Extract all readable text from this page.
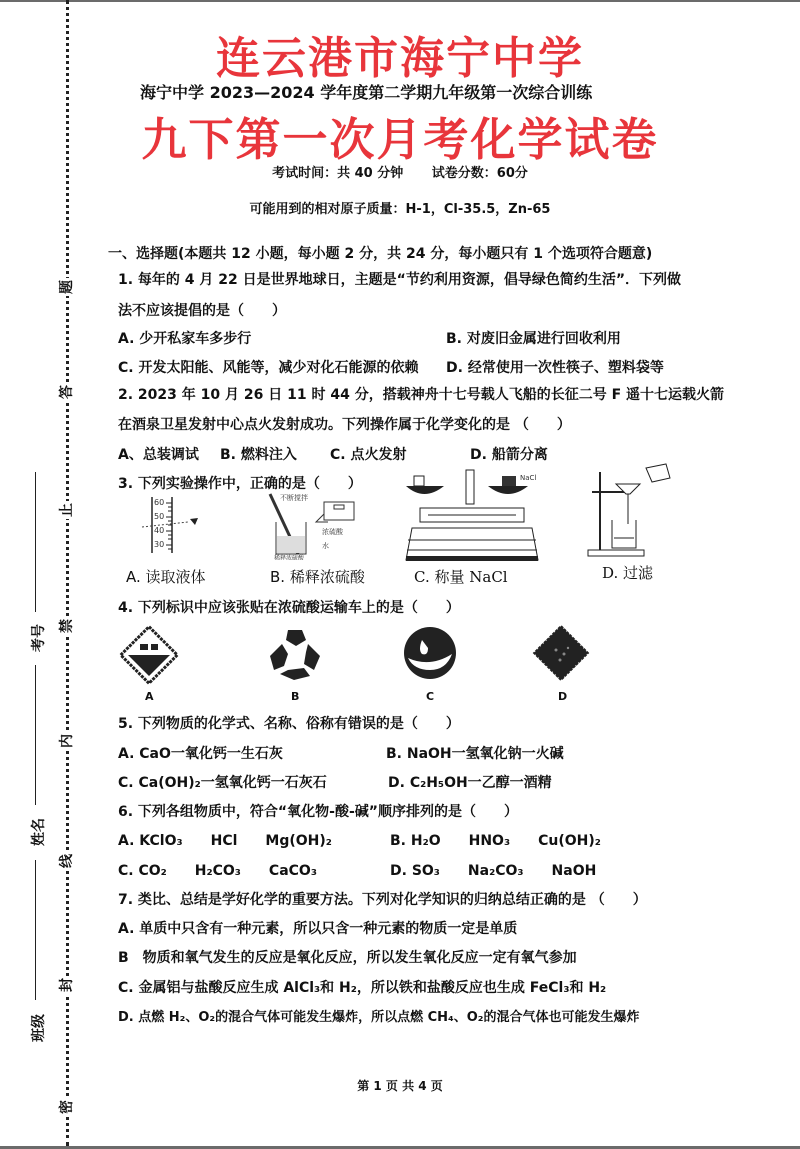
题
答
止
禁
内
线
封
密
考号
姓名
班级
连云港市海宁中学
海宁中学 2023—2024 学年度第二学期九年级第一次综合训练
九下第一次月考化学试卷
考试时间：共 40 分钟 试卷分数：60分
可能用到的相对原子质量：H-1，Cl-35.5，Zn-65
一、选择题(本题共 12 小题，每小题 2 分，共 24 分，每小题只有 1 个选项符合题意)
1. 每年的 4 月 22 日是世界地球日，主题是“节约利用资源，倡导绿色简约生活”．下列做
法不应该提倡的是（　　）
A. 少开私家车多步行	B. 对废旧金属进行回收利用
C. 开发太阳能、风能等，减少对化石能源的依赖 D. 经常使用一次性筷子、塑料袋等
2. 2023 年 10 月 26 日 11 时 44 分，搭载神舟十七号载人飞船的长征二号 F 遥十七运载火箭
在酒泉卫星发射中心点火发射成功。下列操作属于化学变化的是 （　　）
A、总装调试 B. 燃料注入 C. 点火发射	D. 船箭分离
3. 下列实验操作中，正确的是（　　）
60
50
40
30
A. 读取液体
不断搅拌
浓硫酸
水
稀释浓硫酸
B. 稀释浓硫酸
NaCl
C. 称量 NaCl	D. 过滤
4. 下列标识中应该张贴在浓硫酸运输车上的是（　　）
A	B	C	D
5. 下列物质的化学式、名称、俗称有错误的是（　　）
A. CaO一氧化钙一生石灰	B. NaOH一氢氧化钠一火碱
C. Ca(OH)₂一氢氧化钙一石灰石	D. C₂H₅OH一乙醇一酒精
6. 下列各组物质中，符合“氧化物-酸-碱”顺序排列的是（　　）
A. KClO₃　　HCl　　Mg(OH)₂	B. H₂O　　HNO₃　　Cu(OH)₂
C. CO₂　　H₂CO₃　　CaCO₃	D. SO₃　　Na₂CO₃　　NaOH
7. 类比、总结是学好化学的重要方法。下列对化学知识的归纳总结正确的是 （　　）
A. 单质中只含有一种元素，所以只含一种元素的物质一定是单质
B　物质和氧气发生的反应是氧化反应，所以发生氧化反应一定有氧气参加
C. 金属铝与盐酸反应生成 AlCl₃和 H₂，所以铁和盐酸反应也生成 FeCl₃和 H₂
D. 点燃 H₂、O₂的混合气体可能发生爆炸，所以点燃 CH₄、O₂的混合气体也可能发生爆炸
第 1 页 共 4 页
